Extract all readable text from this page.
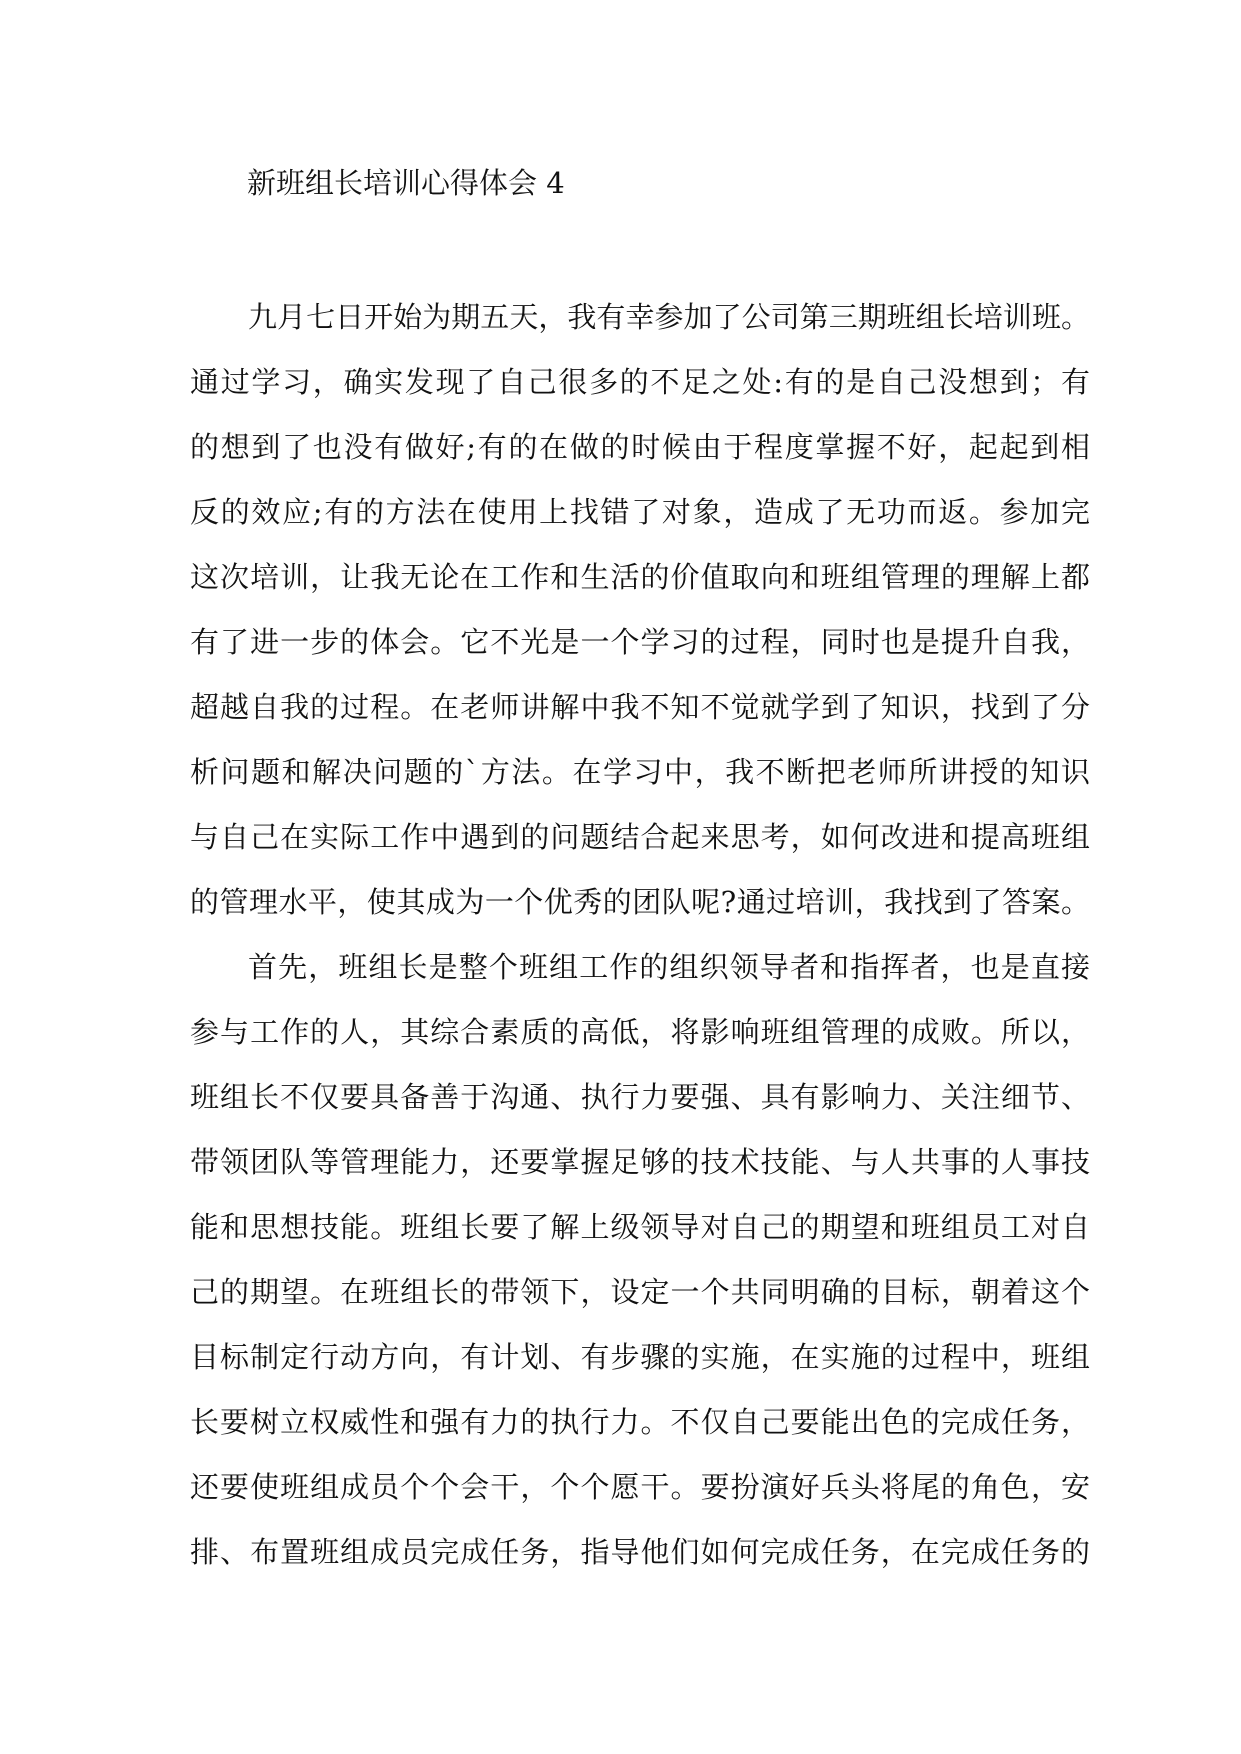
新班组长培训心得体会 4
九月七日开始为期五天，我有幸参加了公司第三期班组长培训班。
通过学习，确实发现了自己很多的不足之处:有的是自己没想到；有
的想到了也没有做好;有的在做的时候由于程度掌握不好，起起到相
反的效应;有的方法在使用上找错了对象，造成了无功而返。参加完
这次培训，让我无论在工作和生活的价值取向和班组管理的理解上都
有了进一步的体会。它不光是一个学习的过程，同时也是提升自我，
超越自我的过程。在老师讲解中我不知不觉就学到了知识，找到了分
析问题和解决问题的`方法。在学习中，我不断把老师所讲授的知识
与自己在实际工作中遇到的问题结合起来思考，如何改进和提高班组
的管理水平，使其成为一个优秀的团队呢?通过培训，我找到了答案。
首先，班组长是整个班组工作的组织领导者和指挥者，也是直接
参与工作的人，其综合素质的高低，将影响班组管理的成败。所以，
班组长不仅要具备善于沟通、执行力要强、具有影响力、关注细节、
带领团队等管理能力，还要掌握足够的技术技能、与人共事的人事技
能和思想技能。班组长要了解上级领导对自己的期望和班组员工对自
己的期望。在班组长的带领下，设定一个共同明确的目标，朝着这个
目标制定行动方向，有计划、有步骤的实施，在实施的过程中，班组
长要树立权威性和强有力的执行力。不仅自己要能出色的完成任务，
还要使班组成员个个会干，个个愿干。要扮演好兵头将尾的角色，安
排、布置班组成员完成任务，指导他们如何完成任务，在完成任务的
